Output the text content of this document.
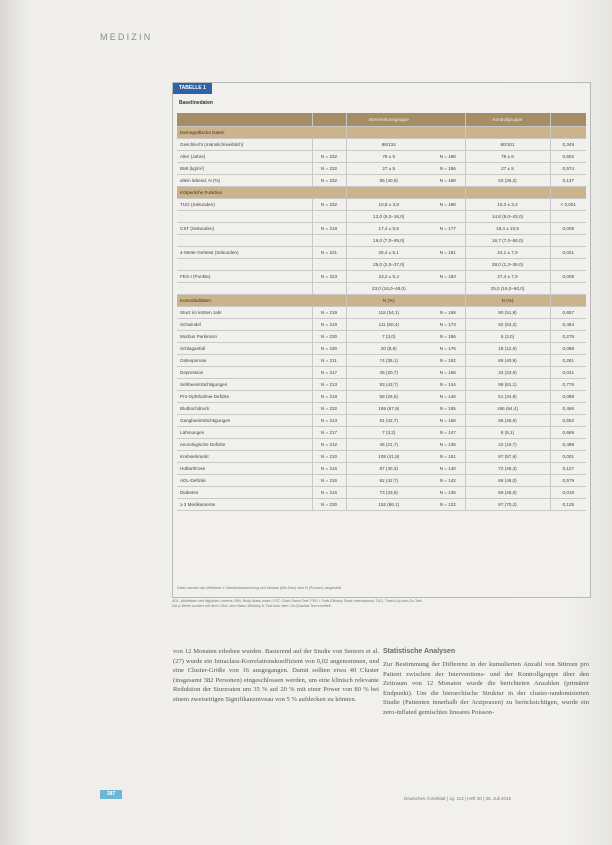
MEDIZIN
TABELLE 1
Baselinedaten
		Interventionsgruppe		Kontrollgruppe	
Demografische Daten					
Geschlecht (männlich/weiblich)		98/134		80/101	0,349
Alter (Jahre)	N = 232	78 ± 6	N = 186	78 ± 6	0,602
BMI (kg/m²)	N = 232	27 ± 5	N = 186	27 ± 5	0,574
allein lebend, N (%)	N = 232	95 (40,9)	N = 188	63 (36,2)	0,137
Körperliche Funktion					
TUG (Sekunden)	N = 232	10,8 ± 3,8	N = 186	10,3 ± 3,4	< 0,001
		12,0 (9,3–16,0)		14,8 (9,0–43,0)	
CST (Sekunden)	N = 218	17,4 ± 5,5	N = 177	19,4 ± 10,5	0,008
		16,0 (7,0–49,0)		16,7 (7,0–66,0)	
4-Meter-Gehtest (Sekunden)	N = 221	25,4 ± 5,1	N = 181	24,1 ± 7,9	0,021
		25,0 (2,0–37,0)		28,0 (1,3–39,0)	
FES-I (Punkte)	N = 223	23,2 ± 5,4	N = 183	27,4 ± 7,9	0,008
		23,0 (16,0–48,0)		25,0 (16,0–60,0)	
Komorbiditäten		N (%)		N (%)	
Sturz im letzten Jahr	N = 219	118 (54,1)	N = 168	90 (51,8)	0,657
Schwindel	N = 219	111 (50,4)	N = 173	92 (53,2)	0,484
Morbus Parkinson	N = 230	7 (3,0)	N = 186	5 (3,0)	0,278
Schlaganfall	N = 230	20 (8,9)	N = 176	18 (12,6)	0,088
Osteoporose	N = 211	74 (35,1)	N = 162	65 (40,9)	0,261
Depression	N = 217	45 (20,7)	N = 165	34 (23,6)	0,041
Sehbeeinträchtigungen	N = 213	93 (43,7)	N = 144	99 (61,1)	0,776
Pro-Ophthalmie-Defizite	N = 218	58 (26,6)	N = 146	51 (34,9)	0,089
Bluthochdruck	N = 232	169 (67,9)	N = 165	166 (64,4)	0,466
Gangbeeinträchtigungen	N = 213	91 (42,7)	N = 156	68 (45,6)	0,552
Lähmungen	N = 217	7 (3,2)	N = 147	8 (5,1)	0,669
neurologische Defizite	N = 212	46 (21,7)	N = 136	22 (15,7)	0,498
Krebserkrankt	N = 210	105 (41,9)	N = 151	87 (57,6)	0,001
Hüftarthrose	N = 216	87 (40,3)	N = 140	72 (48,3)	0,127
ADL-Defizite	N = 216	92 (42,7)	N = 142	66 (46,0)	0,579
Diabetes	N = 216	73 (33,8)	N = 136	59 (46,0)	0,018
≥ 3 Medikamente	N = 230	152 (66,1)	N = 122	87 (70,2)	0,125
Daten werden als Mittelwert ± Standardabweichung und Median (Min-Max) oder N (Prozent) dargestellt.
ADL, Aktivitäten des täglichen Lebens; BMI, Body-Mass-Index; CST, Chair-Stand-Test; FES-I, Falls Efficacy Scale International; TUG, Timed-Up-and-Go-Test.
Die p-Werte wurden mit dem t-Test, dem Mann-Whitney-U-Test bzw. dem Chi-Quadrat-Test ermittelt.
von 12 Monaten erhoben wurden. Basierend auf der Studie von Seniors et al. (27) wurde ein Intraclass-Korrelationskoeffizient von 0,02 angenommen, und eine Cluster-Größe von 16 ausgegangen. Damit sollten etwa 40 Cluster (insgesamt 382 Personen) eingeschlossen werden, um eine klinisch relevante Reduktion der Sturzraten um 35 % auf 20 % mit einer Power von 80 % bei einem zweiseitigen Signifikanzniveau von 5 % aufdecken zu können.
Statistische Analysen
Zur Bestimmung der Differenz in der kumulierten Anzahl von Stürzen pro Patient zwischen der Interventions- und der Kontrollgruppe über den Zeitraum von 12 Monaten wurde die berichteten Anzahlen (primärer Endpunkt). Um die hierarchische Struktur in der cluster-randomisierten Studie (Patienten innerhalb der Arztpraxen) zu berücksichtigen, wurde ein zero-inflated gemischtes lineares Poisson-
387
Deutsches Ärzteblatt | Jg. 113 | Heft 30 | 30. Juli 2016
